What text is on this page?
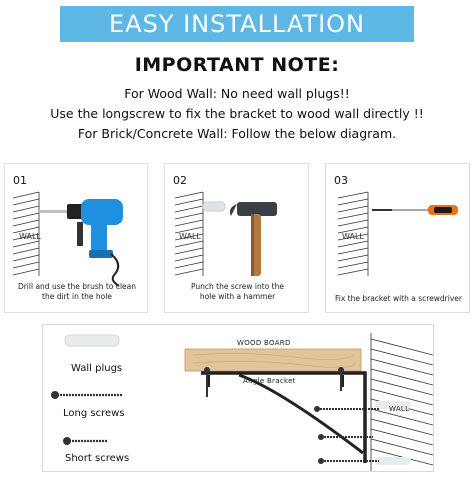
EASY INSTALLATION
IMPORTANT NOTE:
For Wood Wall: No need wall plugs!!
Use the longscrew to fix the bracket to wood wall directly !!
For Brick/Concrete Wall: Follow the below diagram.
01
WALL
Drill and use the brush to clean
the dirt in the hole
02
WALL
Punch the screw into the
hole with a hammer
03
WALL
Fix the bracket with a screwdriver
Wall plugs
Long screws
Short screws
WOOD BOARD
Angle Bracket
WALL
